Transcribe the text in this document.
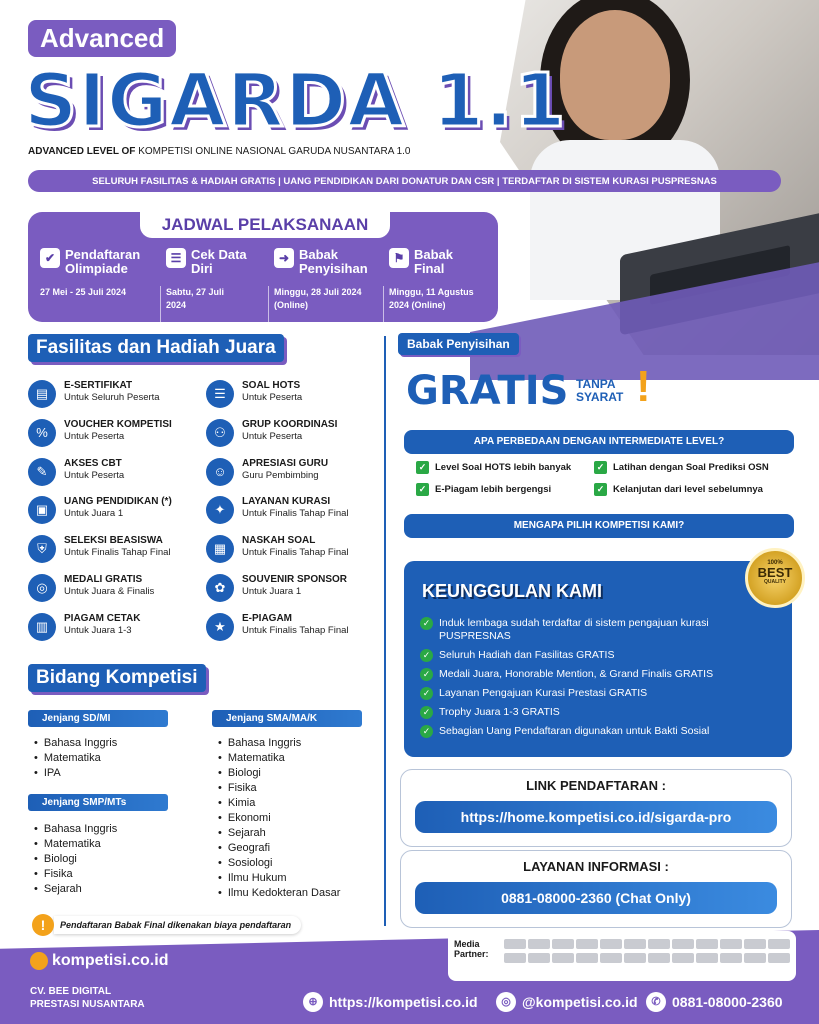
Advanced
SIGARDA 1.1
ADVANCED LEVEL OF KOMPETISI ONLINE NASIONAL GARUDA NUSANTARA 1.0
SELURUH FASILITAS & HADIAH GRATIS | UANG PENDIDIKAN DARI DONATUR DAN CSR | TERDAFTAR DI SISTEM KURASI PUSPRESNAS
JADWAL PELAKSANAAN
✔ Pendaftaran Olimpiade
27 Mei - 25 Juli 2024
☰ Cek Data Diri
Sabtu, 27 Juli 2024
➜ Babak Penyisihan
Minggu, 28 Juli 2024 (Online)
⚑ Babak Final
Minggu, 11 Agustus 2024 (Online)
Fasilitas dan Hadiah Juara
▤
E-SERTIFIKAT
Untuk Seluruh Peserta
%
VOUCHER KOMPETISI
Untuk Peserta
✎
AKSES CBT
Untuk Peserta
▣
UANG PENDIDIKAN (*)
Untuk Juara 1
⛨
SELEKSI BEASISWA
Untuk Finalis Tahap Final
◎
MEDALI GRATIS
Untuk Juara & Finalis
▥
PIAGAM CETAK
Untuk Juara 1-3
☰
SOAL HOTS
Untuk Peserta
⚇
GRUP KOORDINASI
Untuk Peserta
☺
APRESIASI GURU
Guru Pembimbing
✦
LAYANAN KURASI
Untuk Finalis Tahap Final
▦
NASKAH SOAL
Untuk Finalis Tahap Final
✿
SOUVENIR SPONSOR
Untuk Juara 1
★
E-PIAGAM
Untuk Finalis Tahap Final
Bidang Kompetisi
Jenjang SD/MI
• Bahasa Inggris
• Matematika
• IPA
Jenjang SMP/MTs
• Bahasa Inggris
• Matematika
• Biologi
• Fisika
• Sejarah
Jenjang SMA/MA/K
• Bahasa Inggris
• Matematika
• Biologi
• Fisika
• Kimia
• Ekonomi
• Sejarah
• Geografi
• Sosiologi
• Ilmu Hukum
• Ilmu Kedokteran Dasar
Babak Penyisihan
GRATIS TANPA
SYARAT !
APA PERBEDAAN DENGAN INTERMEDIATE LEVEL?
✓ Level Soal HOTS lebih banyak	✓ Latihan dengan Soal Prediksi OSN
✓ E-Piagam lebih bergengsi	✓ Kelanjutan dari level sebelumnya
MENGAPA PILIH KOMPETISI KAMI?
KEUNGGULAN KAMI
✓ Induk lembaga sudah terdaftar di sistem pengajuan kurasi PUSPRESNAS
✓ Seluruh Hadiah dan Fasilitas GRATIS
✓ Medali Juara, Honorable Mention, & Grand Finalis GRATIS
✓ Layanan Pengajuan Kurasi Prestasi GRATIS
✓ Trophy Juara 1-3 GRATIS
✓ Sebagian Uang Pendaftaran digunakan untuk Bakti Sosial
100%
BEST
QUALITY
LINK PENDAFTARAN :
https://home.kompetisi.co.id/sigarda-pro
LAYANAN INFORMASI :
0881-08000-2360 (Chat Only)
!	Pendaftaran Babak Final dikenakan biaya pendaftaran
kompetisi.co.id
CV. BEE DIGITAL
PRESTASI NUSANTARA
Media
Partner:
⊕ https://kompetisi.co.id	◎ @kompetisi.co.id	✆ 0881-08000-2360
